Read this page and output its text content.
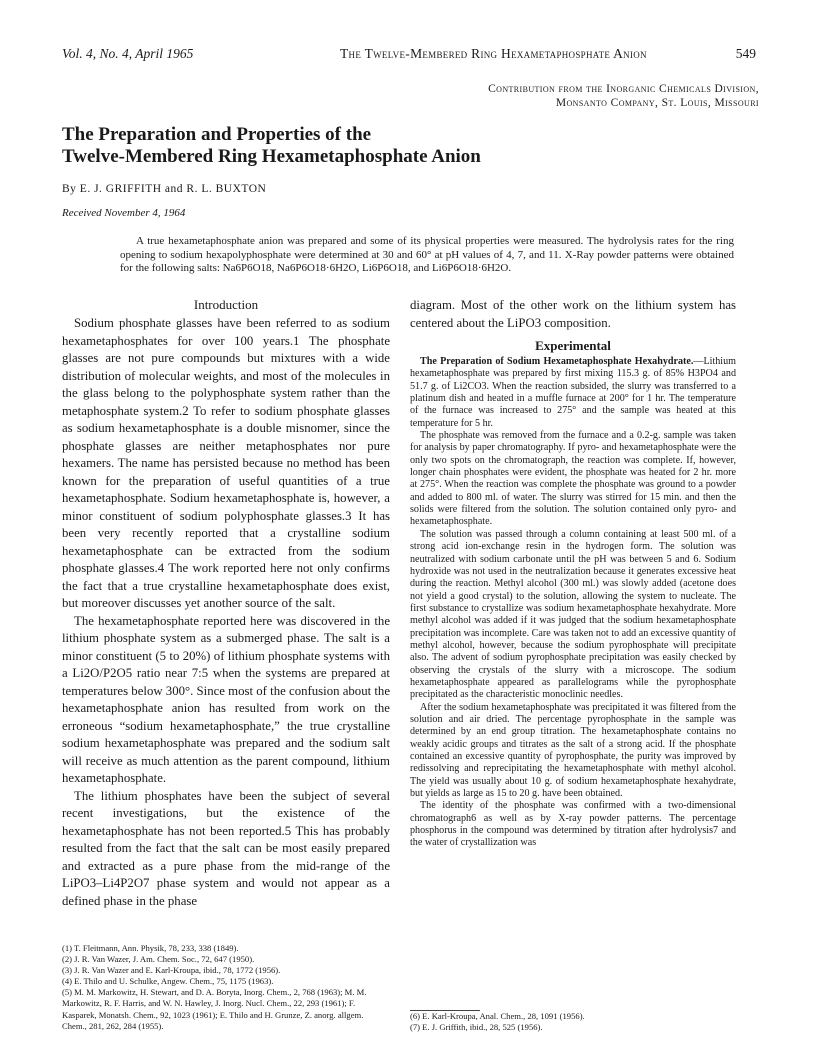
Vol. 4, No. 4, April 1965	The Twelve-Membered Ring Hexametaphosphate Anion	549
Contribution from the Inorganic Chemicals Division,
Monsanto Company, St. Louis, Missouri
The Preparation and Properties of the
Twelve-Membered Ring Hexametaphosphate Anion
By E. J. GRIFFITH and R. L. BUXTON
Received November 4, 1964
A true hexametaphosphate anion was prepared and some of its physical properties were measured. The hydrolysis rates for the ring opening to sodium hexapolyphosphate were determined at 30 and 60° at pH values of 4, 7, and 11. X-Ray powder patterns were obtained for the following salts: Na6P6O18, Na6P6O18·6H2O, Li6P6O18, and Li6P6O18·6H2O.
Introduction

Sodium phosphate glasses have been referred to as sodium hexametaphosphates for over 100 years.1 The phosphate glasses are not pure compounds but mixtures with a wide distribution of molecular weights, and most of the molecules in the glass belong to the polyphosphate system rather than the metaphosphate system.2 To refer to sodium phosphate glasses as sodium hexametaphosphate is a double misnomer, since the phosphate glasses are neither metaphosphates nor pure hexamers. The name has persisted because no method has been known for the preparation of useful quantities of a true hexametaphosphate. Sodium hexametaphosphate is, however, a minor constituent of sodium polyphosphate glasses.3 It has been very recently reported that a crystalline sodium hexametaphosphate can be extracted from the sodium phosphate glasses.4 The work reported here not only confirms the fact that a true crystalline hexametaphosphate does exist, but moreover discusses yet another source of the salt.

The hexametaphosphate reported here was discovered in the lithium phosphate system as a submerged phase. The salt is a minor constituent (5 to 20%) of lithium phosphate systems with a Li2O/P2O5 ratio near 7:5 when the systems are prepared at temperatures below 300°. Since most of the confusion about the hexametaphosphate anion has resulted from work on the erroneous “sodium hexametaphosphate,” the true crystalline sodium hexametaphosphate was prepared and the sodium salt will receive as much attention as the parent compound, lithium hexametaphosphate.

The lithium phosphates have been the subject of several recent investigations, but the existence of the hexametaphosphate has not been reported.5 This has probably resulted from the fact that the salt can be most easily prepared and extracted as a pure phase from the mid-range of the LiPO3–Li4P2O7 phase system and would not appear as a defined phase in the phase

diagram. Most of the other work on the lithium system has centered about the LiPO3 composition.

Experimental

The Preparation of Sodium Hexametaphosphate Hexahydrate.—Lithium hexametaphosphate was prepared by first mixing 115.3 g. of 85% H3PO4 and 51.7 g. of Li2CO3. When the reaction subsided, the slurry was transferred to a platinum dish and heated in a muffle furnace at 200° for 1 hr. The temperature of the furnace was increased to 275° and the sample was heated at this temperature for 5 hr.

The phosphate was removed from the furnace and a 0.2-g. sample was taken for analysis by paper chromatography. If pyro- and hexametaphosphate were the only two spots on the chromatograph, the reaction was complete. If, however, longer chain phosphates were evident, the phosphate was heated for 2 hr. more at 275°. When the reaction was complete the phosphate was ground to a powder and added to 800 ml. of water. The slurry was stirred for 15 min. and then the solids were filtered from the solution. The solution contained only pyro- and hexametaphosphate.

The solution was passed through a column containing at least 500 ml. of a strong acid ion-exchange resin in the hydrogen form. The solution was neutralized with sodium carbonate until the pH was between 5 and 6. Sodium hydroxide was not used in the neutralization because it generates excessive heat during the reaction. Methyl alcohol (300 ml.) was slowly added (acetone does not yield a good crystal) to the solution, allowing the system to nucleate. The first substance to crystallize was sodium hexametaphosphate hexahydrate. More methyl alcohol was added if it was judged that the sodium hexametaphosphate precipitation was incomplete. Care was taken not to add an excessive quantity of methyl alcohol, however, because the sodium pyrophosphate will precipitate also. The advent of sodium pyrophosphate precipitation was easily checked by observing the crystals of the slurry with a microscope. The sodium hexametaphosphate appeared as parallelograms while the pyrophosphate precipitated as the characteristic monoclinic needles.

After the sodium hexametaphosphate was precipitated it was filtered from the solution and air dried. The percentage pyrophosphate in the sample was determined by an end group titration. The hexametaphosphate contains no weakly acidic groups and titrates as the salt of a strong acid. If the phosphate contained an excessive quantity of pyrophosphate, the purity was improved by redissolving and reprecipitating the hexametaphosphate with methyl alcohol. The yield was usually about 10 g. of sodium hexametaphosphate hexahydrate, but yields as large as 15 to 20 g. have been obtained.

The identity of the phosphate was confirmed with a two-dimensional chromatograph6 as well as by X-ray powder patterns. The percentage phosphorus in the compound was determined by titration after hydrolysis7 and the water of crystallization was

(1) T. Fleitmann, Ann. Physik, 78, 233, 338 (1849).
(2) J. R. Van Wazer, J. Am. Chem. Soc., 72, 647 (1950).
(3) J. R. Van Wazer and E. Karl-Kroupa, ibid., 78, 1772 (1956).
(4) E. Thilo and U. Schulke, Angew. Chem., 75, 1175 (1963).
(5) M. M. Markowitz, H. Stewart, and D. A. Boryta, Inorg. Chem., 2, 768 (1963); M. M. Markowitz, R. F. Harris, and W. N. Hawley, J. Inorg. Nucl. Chem., 22, 293 (1961); F. Kasparek, Monatsh. Chem., 92, 1023 (1961); E. Thilo and H. Grunze, Z. anorg. allgem. Chem., 281, 262, 284 (1955).
(6) E. Karl-Kroupa, Anal. Chem., 28, 1091 (1956).
(7) E. J. Griffith, ibid., 28, 525 (1956).
